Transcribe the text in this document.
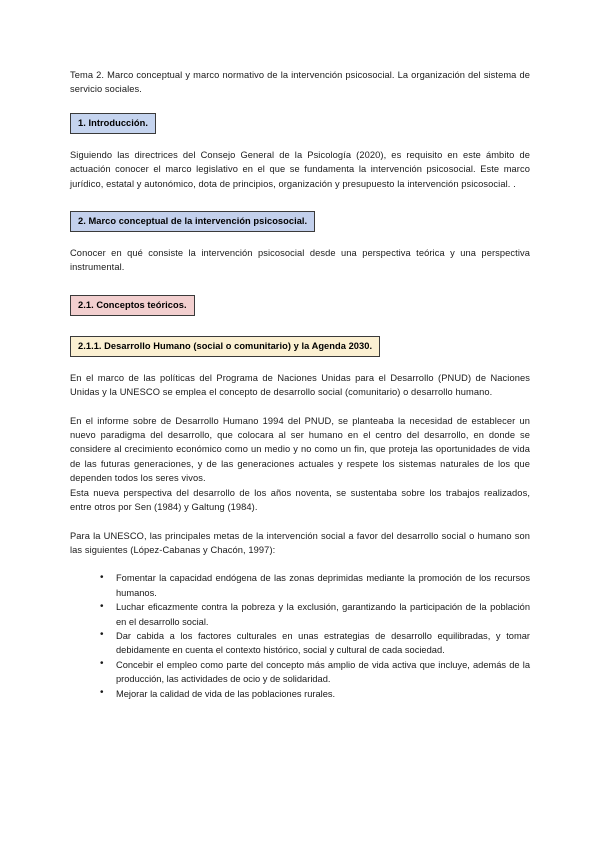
Tema 2. Marco conceptual y marco normativo de la intervención psicosocial. La organización del sistema de servicio sociales.

1. Introducción.

Siguiendo las directrices del Consejo General de la Psicología (2020), es requisito en este ámbito de actuación conocer el marco legislativo en el que se fundamenta la intervención psicosocial. Este marco jurídico, estatal y autonómico, dota de principios, organización y presupuesto la intervención psicosocial. .

2. Marco conceptual de la intervención psicosocial.

Conocer en qué consiste la intervención psicosocial desde una perspectiva teórica y una perspectiva instrumental.

2.1. Conceptos teóricos.
2.1.1. Desarrollo Humano (social o comunitario) y la Agenda 2030.

En el marco de las políticas del Programa de Naciones Unidas para el Desarrollo (PNUD) de Naciones Unidas y la UNESCO se emplea el concepto de desarrollo social (comunitario) o desarrollo humano.

En el informe sobre de Desarrollo Humano 1994 del PNUD, se planteaba la necesidad de establecer un nuevo paradigma del desarrollo, que colocara al ser humano en el centro del desarrollo, en donde se considere al crecimiento económico como un medio y no como un fin, que proteja las oportunidades de vida de las futuras generaciones, y de las generaciones actuales y respete los sistemas naturales de los que dependen todos los seres vivos.

Esta nueva perspectiva del desarrollo de los años noventa, se sustentaba sobre los trabajos realizados, entre otros por Sen (1984) y Galtung (1984).

Para la UNESCO, las principales metas de la intervención social a favor del desarrollo social o humano son las siguientes (López-Cabanas y Chacón, 1997):

• Fomentar la capacidad endógena de las zonas deprimidas mediante la promoción de los recursos humanos.
• Luchar eficazmente contra la pobreza y la exclusión, garantizando la participación de la población en el desarrollo social.
• Dar cabida a los factores culturales en unas estrategias de desarrollo equilibradas, y tomar debidamente en cuenta el contexto histórico, social y cultural de cada sociedad.
• Concebir el empleo como parte del concepto más amplio de vida activa que incluye, además de la producción, las actividades de ocio y de solidaridad.
• Mejorar la calidad de vida de las poblaciones rurales.
